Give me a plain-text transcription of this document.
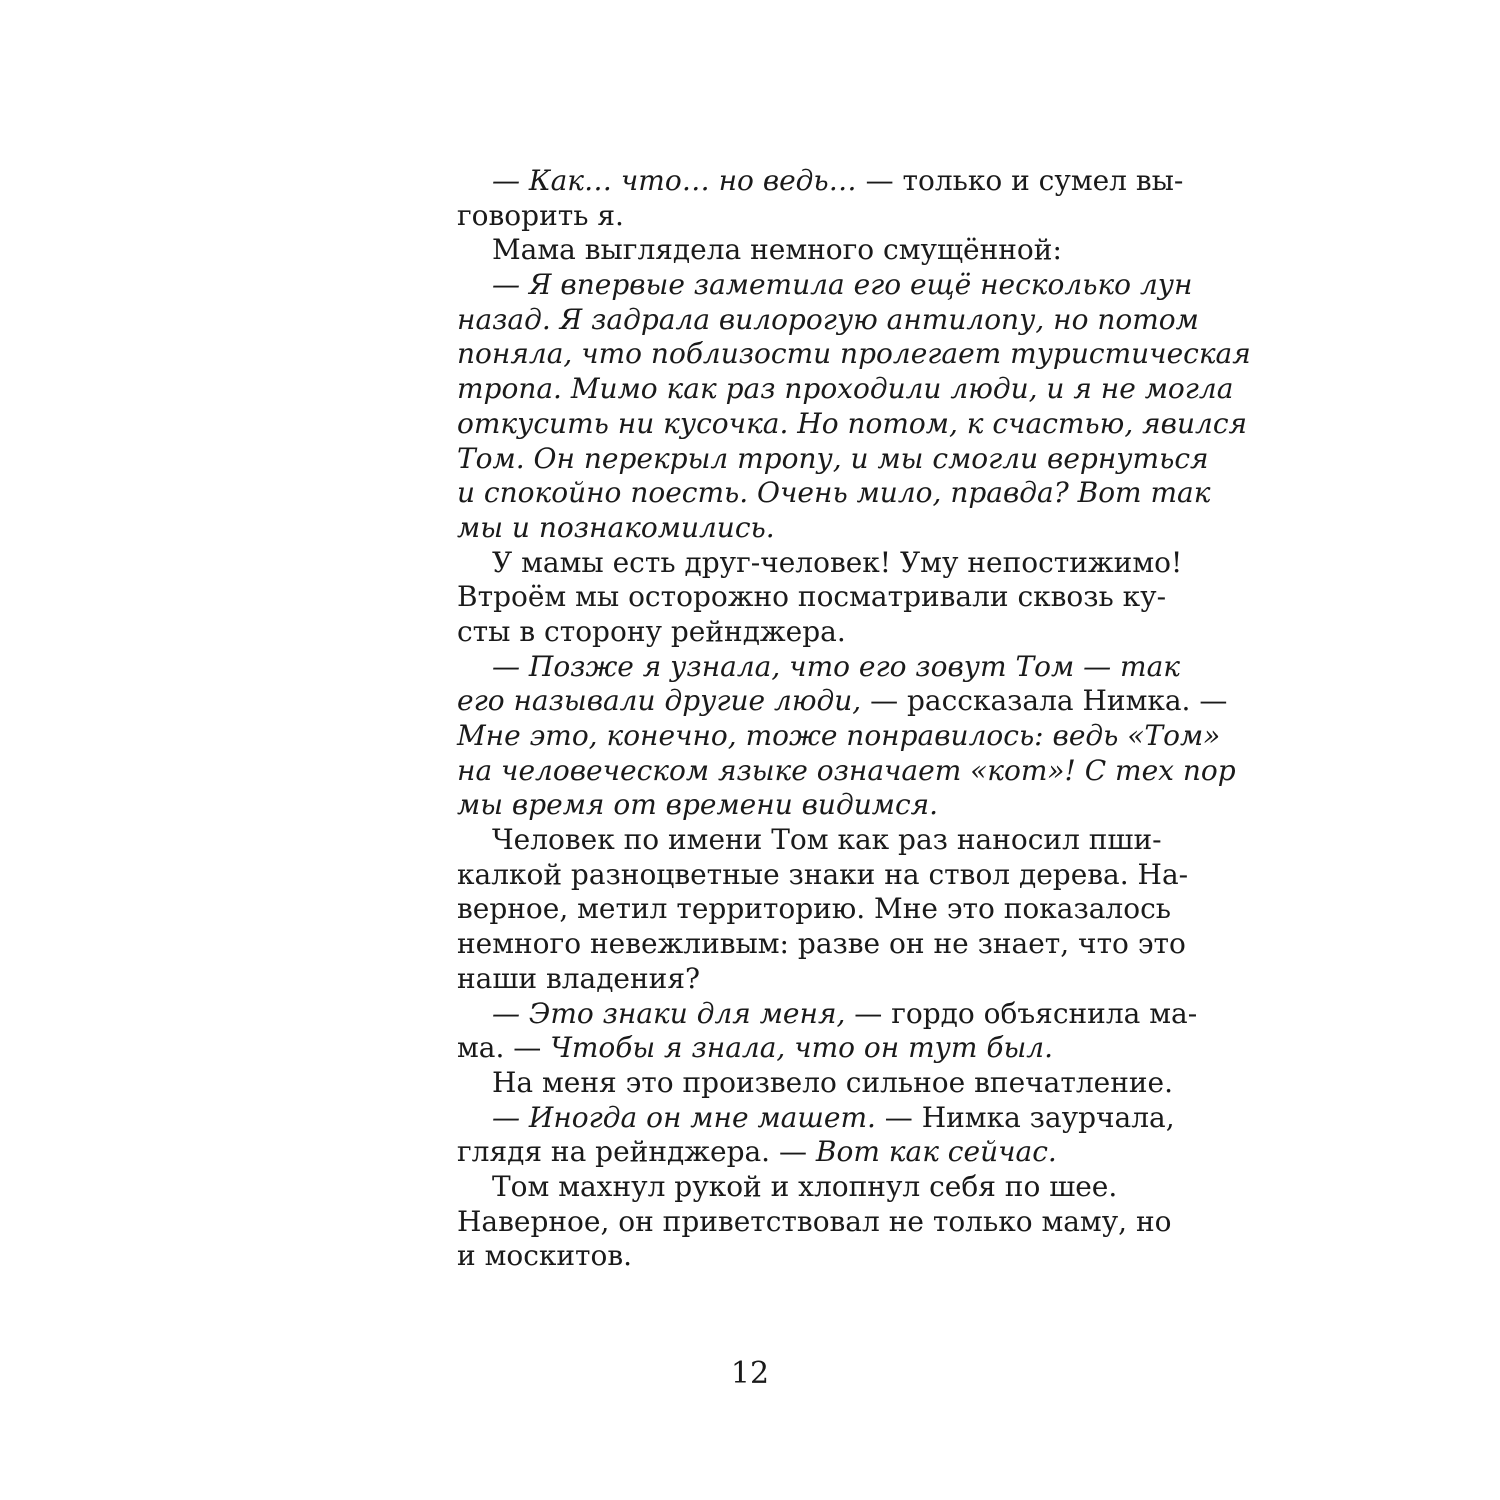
— Как… что… но ведь… — только и сумел вы-
говорить я.
Мама выглядела немного смущённой:
— Я впервые заметила его ещё несколько лун
назад. Я задрала вилорогую антилопу, но потом
поняла, что поблизости пролегает туристическая
тропа. Мимо как раз проходили люди, и я не могла
откусить ни кусочка. Но потом, к счастью, явился
Том. Он перекрыл тропу, и мы смогли вернуться
и спокойно поесть. Очень мило, правда? Вот так
мы и познакомились.
У мамы есть друг-человек! Уму непостижимо!
Втроём мы осторожно посматривали сквозь ку-
сты в сторону рейнджера.
— Позже я узнала, что его зовут Том — так
его называли другие люди, — рассказала Нимка. —
Мне это, конечно, тоже понравилось: ведь «Том»
на человеческом языке означает «кот»! С тех пор
мы время от времени видимся.
Человек по имени Том как раз наносил пши-
калкой разноцветные знаки на ствол дерева. На-
верное, метил территорию. Мне это показалось
немного невежливым: разве он не знает, что это
наши владения?
— Это знаки для меня, — гордо объяснила ма-
ма. — Чтобы я знала, что он тут был.
На меня это произвело сильное впечатление.
— Иногда он мне машет. — Нимка заурчала,
глядя на рейнджера. — Вот как сейчас.
Том махнул рукой и хлопнул себя по шее.
Наверное, он приветствовал не только маму, но
и москитов.
12
